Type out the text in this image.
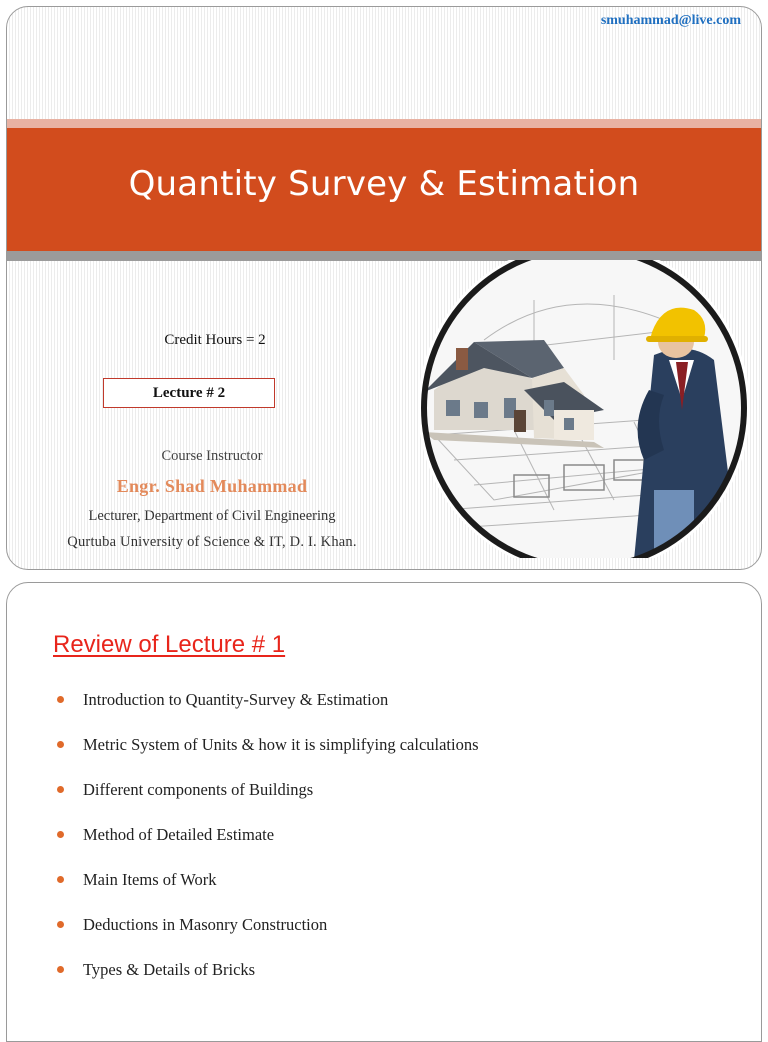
smuhammad@live.com
Quantity Survey & Estimation
Credit Hours = 2
Lecture # 2
Course Instructor
Engr. Shad Muhammad
Lecturer, Department of Civil Engineering
Qurtuba University of Science & IT, D. I. Khan.
Review of Lecture # 1
Introduction to Quantity-Survey & Estimation
Metric System of Units & how it is simplifying calculations
Different components of Buildings
Method of Detailed Estimate
Main Items of Work
Deductions in Masonry Construction
Types & Details of Bricks
